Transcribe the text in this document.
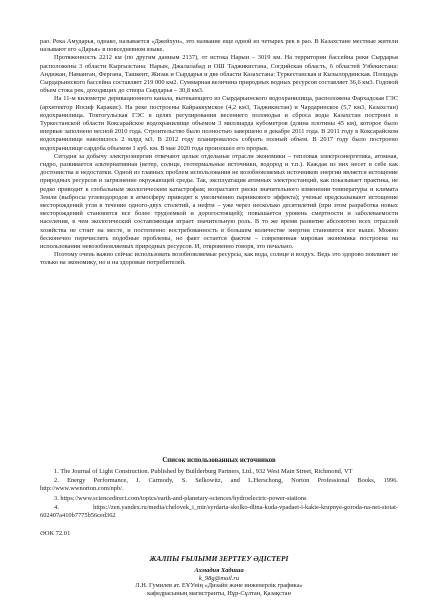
рао. Река Амударья, однако, называется «Джейхун», это название еще одной из четырех рек в рао. В Казахстане местные жители называют его «Дарья» в повседневном языке.

Протяженность 2212 км (по другим данным 2137), от истока Нарын – 3019 км. На территории бассейна реки Сырдарья расположены 3 области Кыргызстана: Нарын, Джалалабад и ОШ Таджикистана, Согдийская область, 6 областей Узбекистана: Андижан, Наманган, Фергана, Ташкент, Жизак и Сырдарья и две области Казахстана: Туркестанская и Кызылординская. Площадь Сырдарьинского бассейна составляет 219 000 км2. Суммарная величина природных водных ресурсов составляет 36,6 км3. Годовой объем стока рек, доходящих до створа Сырдарья – 30,8 км3.

На 11-м километре деривационного канала, вытекающего из Сырдарьинского водохранилища, расположена Фархадская ГЭС (архитектор Иосиф Каракис). На реке построены Кайраккумское (4,2 км3, Таджикистан) и Чардаринское (5,7 км3, Казахстан) водохранилища. Токтогульская ГЭС в целях регулирования весеннего половодья и сброса воды Казахстан построил в Туркестанской области Коксарайское водохранилище объемом 3 миллиарда кубометров (длина плотины 45 км), которое было впервые заполнено весной 2010 года. Строительство было полностью завершено в декабре 2011 года. В 2011 году в Коксарайском водохранилище накопилось 2 млрд м3. В 2012 году планировалось собрать полный объем. В 2017 году было построено водохранилище сардоба объемом 1 куб. км. В мае 2020 года произошел его прорыв.

Сегодня за добычу электроэнергии отвечают целые отдельные отрасли экономики – тепловая электроэнергетика, атомная, гидро, развивается альтернативная (ветер, солнце, геотермальные источники, водород и т.п.). Каждая из них несет в себе как достоинства и недостатки. Одной из главных проблем использования не возобновляемых источников энергии является истощение природных ресурсов и загрязнение окружающей среды. Так, эксплуатация атомных электростанций, как показывает практика, не редко приводит к глобальным экологическим катастрофам; возрастают риски значительного изменения температуры и климата Земли (выбросы углеводородов в атмосферу приводят к увеличению парникового эффекта); ученые предсказывают истощение месторождений угля в течение одного-двух столетий, а нефти – уже через несколько десятилетий (при этом разработка новых месторождений становится все более трудоемкой и дорогостоящей); повышается уровень смертности и заболеваемости населения, в чем экологический составляющая играет значительную роль. В то же время развитие абсолютно всех отраслей хозяйства не стоит на месте, и постепенно востребованность в большем количестве энергии становится все выше. Можно бесконечно перечислять подобные проблемы, но факт остается фактом – современная мировая экономика построена на использовании невозобновляемых природных ресурсов. И, откровенно говоря, это печально.

Поэтому очень важно сейчас использовать возобновляемые ресурсы, как вода, солнце и воздух. Ведь это здорово повлияет не только на экономику, но и на здоровые потребителей.

Список использованных источников

1. The Journal of Light Construction. Published by Builderburg Partners, Ltd., 932 West Main Street, Richmond, VT

2. Energy Performance, J. Carmody, S. Selkowitz, and L.Herschong, Norton Professional Books, 1996. http://www.wwnorton.com/npb/.

3. https://www.sciencedirect.com/topics/earth-and-planetary-sciences/hydroelectric-power-stations

4. https://zen.yandex.ru/media/chelovek_i_mir/syrdaria-skolko-dlina-kuda-vpadaet-i-kakie-krupnye-goroda-na-nei-stoiat-602407a410b7775b56ced362

ӘОК 72.01
ЖАЛПЫ ҒЫЛЫМИ ЗЕРТТЕУ ӘДІСТЕРІ
Ахмадия Хадиша
k_98g@mail.ru
Л.Н. Гумилев ат. ЕҰУнің «Дизайн және инженерлік графика»
кафедрасының магистранты, Нұр-Сұлтан, Қазақстан
